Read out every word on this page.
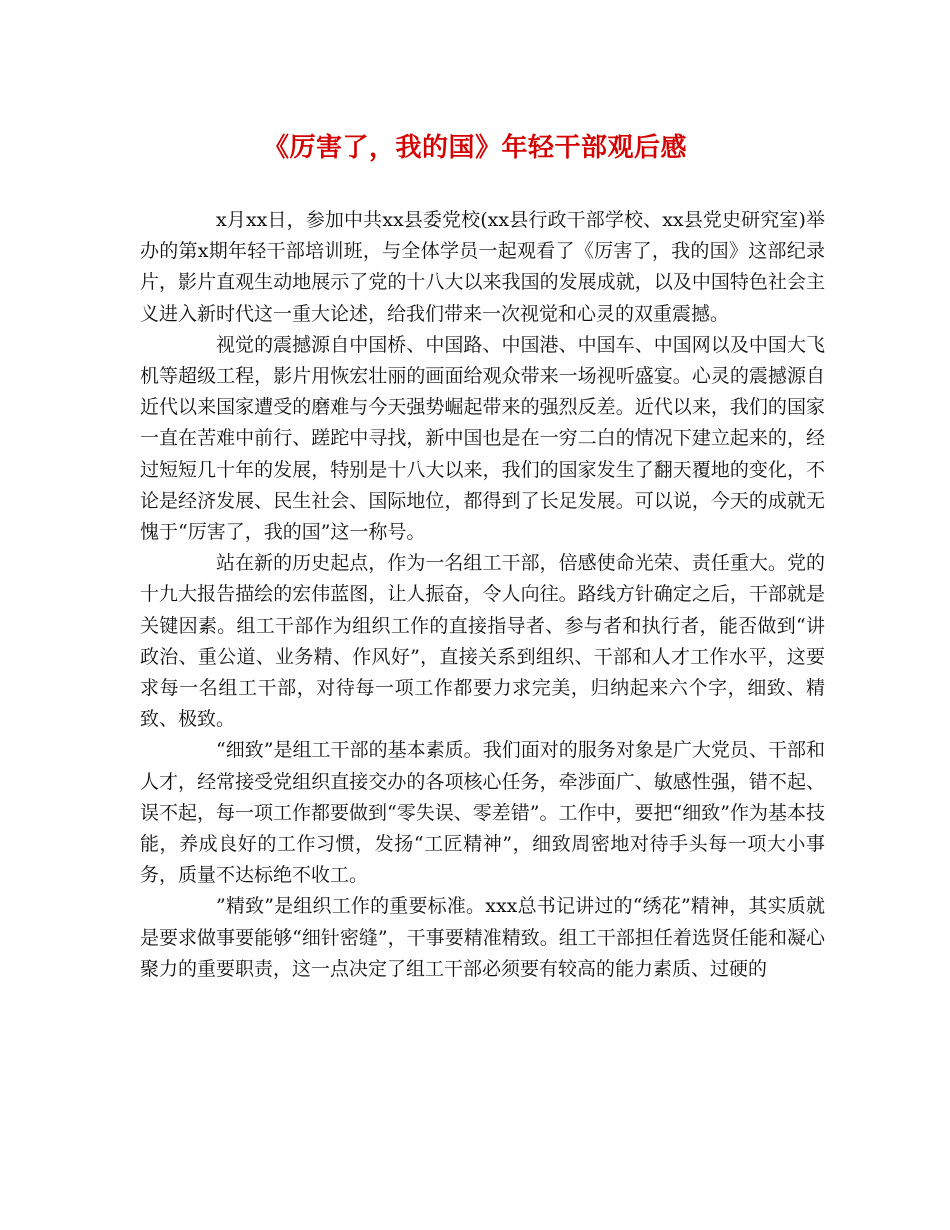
《厉害了，我的国》年轻干部观后感

x月xx日，参加中共xx县委党校(xx县行政干部学校、xx县党史研究室)举办的第x期年轻干部培训班，与全体学员一起观看了《厉害了，我的国》这部纪录片，影片直观生动地展示了党的十八大以来我国的发展成就，以及中国特色社会主义进入新时代这一重大论述，给我们带来一次视觉和心灵的双重震撼。

视觉的震撼源自中国桥、中国路、中国港、中国车、中国网以及中国大飞机等超级工程，影片用恢宏壮丽的画面给观众带来一场视听盛宴。心灵的震撼源自近代以来国家遭受的磨难与今天强势崛起带来的强烈反差。近代以来，我们的国家一直在苦难中前行、蹉跎中寻找，新中国也是在一穷二白的情况下建立起来的，经过短短几十年的发展，特别是十八大以来，我们的国家发生了翻天覆地的变化，不论是经济发展、民生社会、国际地位，都得到了长足发展。可以说，今天的成就无愧于“厉害了，我的国”这一称号。

站在新的历史起点，作为一名组工干部，倍感使命光荣、责任重大。党的十九大报告描绘的宏伟蓝图，让人振奋，令人向往。路线方针确定之后，干部就是关键因素。组工干部作为组织工作的直接指导者、参与者和执行者，能否做到“讲政治、重公道、业务精、作风好”，直接关系到组织、干部和人才工作水平，这要求每一名组工干部，对待每一项工作都要力求完美，归纳起来六个字，细致、精致、极致。

“细致”是组工干部的基本素质。我们面对的服务对象是广大党员、干部和人才，经常接受党组织直接交办的各项核心任务，牵涉面广、敏感性强，错不起、误不起，每一项工作都要做到“零失误、零差错”。工作中，要把“细致”作为基本技能，养成良好的工作习惯，发扬“工匠精神”，细致周密地对待手头每一项大小事务，质量不达标绝不收工。

”精致”是组织工作的重要标准。xxx总书记讲过的“绣花”精神，其实质就是要求做事要能够“细针密缝”，干事要精准精致。组工干部担任着选贤任能和凝心聚力的重要职责，这一点决定了组工干部必须要有较高的能力素质、过硬的
